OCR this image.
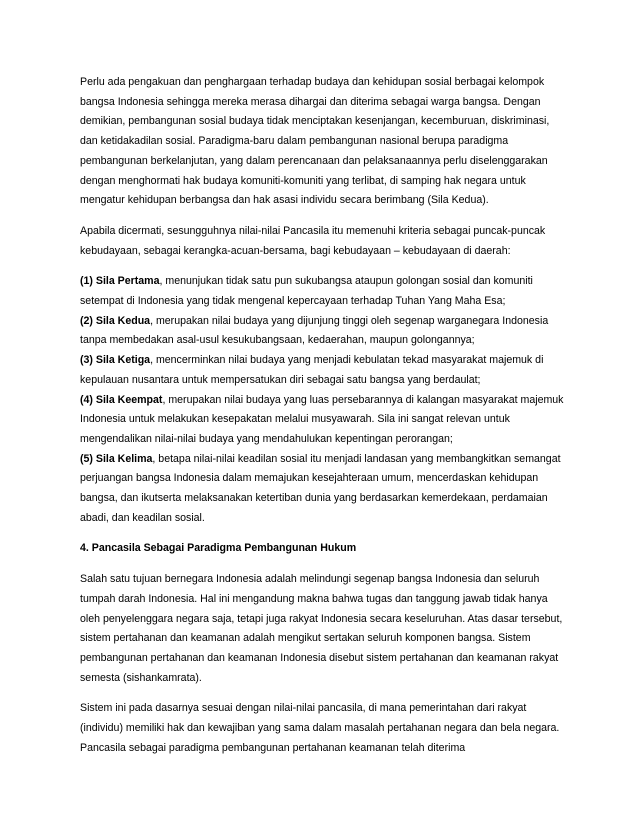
Perlu ada pengakuan dan penghargaan terhadap budaya dan kehidupan sosial berbagai kelompok bangsa Indonesia sehingga mereka merasa dihargai dan diterima sebagai warga bangsa. Dengan demikian, pembangunan sosial budaya tidak menciptakan kesenjangan, kecemburuan, diskriminasi, dan ketidakadilan sosial. Paradigma-baru dalam pembangunan nasional berupa paradigma pembangunan berkelanjutan, yang dalam perencanaan dan pelaksanaannya perlu diselenggarakan dengan menghormati hak budaya komuniti-komuniti yang terlibat, di samping hak negara untuk mengatur kehidupan berbangsa dan hak asasi individu secara berimbang (Sila Kedua).

Apabila dicermati, sesungguhnya nilai-nilai Pancasila itu memenuhi kriteria sebagai puncak-puncak kebudayaan, sebagai kerangka-acuan-bersama, bagi kebudayaan – kebudayaan di daerah:

(1) Sila Pertama, menunjukan tidak satu pun sukubangsa ataupun golongan sosial dan komuniti setempat di Indonesia yang tidak mengenal kepercayaan terhadap Tuhan Yang Maha Esa;

(2) Sila Kedua, merupakan nilai budaya yang dijunjung tinggi oleh segenap warganegara Indonesia tanpa membedakan asal-usul kesukubangsaan, kedaerahan, maupun golongannya;

(3) Sila Ketiga, mencerminkan nilai budaya yang menjadi kebulatan tekad masyarakat majemuk di kepulauan nusantara untuk mempersatukan diri sebagai satu bangsa yang berdaulat;

(4) Sila Keempat, merupakan nilai budaya yang luas persebarannya di kalangan masyarakat majemuk Indonesia untuk melakukan kesepakatan melalui musyawarah. Sila ini sangat relevan untuk mengendalikan nilai-nilai budaya yang mendahulukan kepentingan perorangan;

(5) Sila Kelima, betapa nilai-nilai keadilan sosial itu menjadi landasan yang membangkitkan semangat perjuangan bangsa Indonesia dalam memajukan kesejahteraan umum, mencerdaskan kehidupan bangsa, dan ikutserta melaksanakan ketertiban dunia yang berdasarkan kemerdekaan, perdamaian abadi, dan keadilan sosial.

4. Pancasila Sebagai Paradigma Pembangunan Hukum

Salah satu tujuan bernegara Indonesia adalah melindungi segenap bangsa Indonesia dan seluruh tumpah darah Indonesia. Hal ini mengandung makna bahwa tugas dan tanggung jawab tidak hanya oleh penyelenggara negara saja, tetapi juga rakyat Indonesia secara keseluruhan. Atas dasar tersebut, sistem pertahanan dan keamanan adalah mengikut sertakan seluruh komponen bangsa. Sistem pembangunan pertahanan dan keamanan Indonesia disebut sistem pertahanan dan keamanan rakyat semesta (sishankamrata).

Sistem ini pada dasarnya sesuai dengan nilai-nilai pancasila, di mana pemerintahan dari rakyat (individu) memiliki hak dan kewajiban yang sama dalam masalah pertahanan negara dan bela negara. Pancasila sebagai paradigma pembangunan pertahanan keamanan telah diterima
